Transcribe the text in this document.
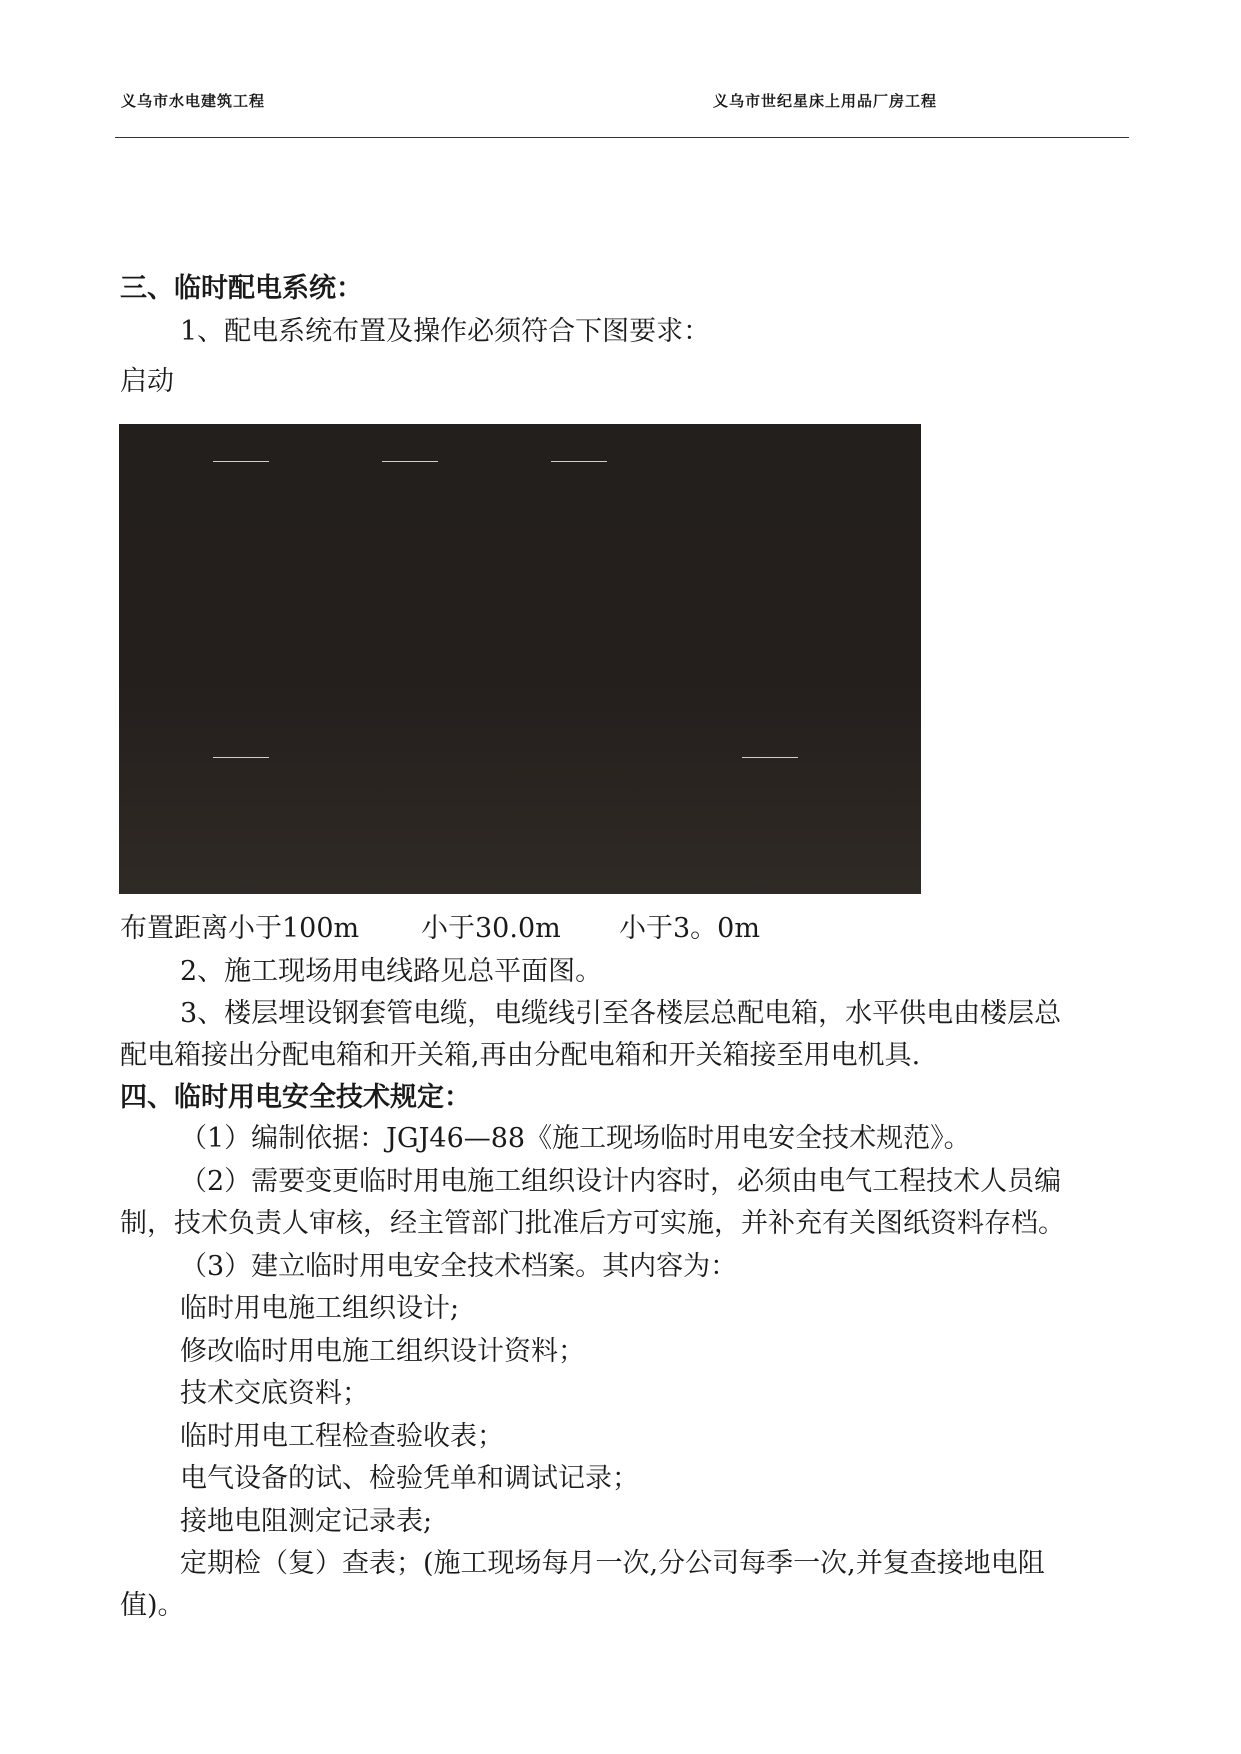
义乌市水电建筑工程	义乌市世纪星床上用品厂房工程
三、临时配电系统：
1、配电系统布置及操作必须符合下图要求：
启动
布置距离小于100m 小于30.0m 小于3。0m
2、施工现场用电线路见总平面图。
3、楼层埋设钢套管电缆，电缆线引至各楼层总配电箱，水平供电由楼层总
配电箱接出分配电箱和开关箱,再由分配电箱和开关箱接至用电机具.
四、临时用电安全技术规定：
（1）编制依据：JGJ46—88《施工现场临时用电安全技术规范》。
（2）需要变更临时用电施工组织设计内容时，必须由电气工程技术人员编
制，技术负责人审核，经主管部门批准后方可实施，并补充有关图纸资料存档。
（3）建立临时用电安全技术档案。其内容为：
临时用电施工组织设计;
修改临时用电施工组织设计资料；
技术交底资料；
临时用电工程检查验收表；
电气设备的试、检验凭单和调试记录；
接地电阻测定记录表;
定期检（复）查表；(施工现场每月一次,分公司每季一次,并复查接地电阻
值)。
